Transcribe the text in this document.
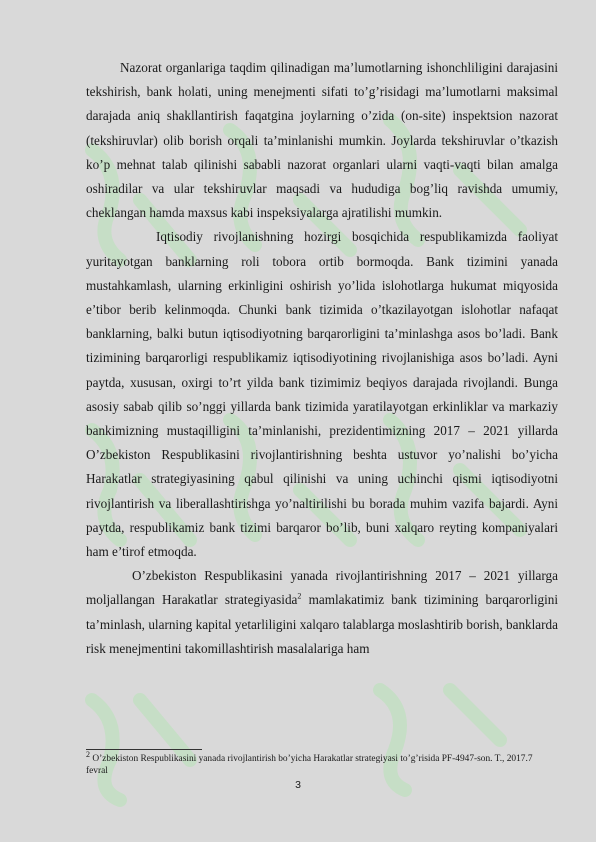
Nazorat organlariga taqdim qilinadigan ma’lumotlarning ishonchliligini darajasini tekshirish, bank holati, uning menejmenti sifati to’g’risidagi ma’lumotlarni maksimal darajada aniq shakllantirish faqatgina joylarning o’zida (on-site) inspektsion nazorat (tekshiruvlar) olib borish orqali ta’minlanishi mumkin. Joylarda tekshiruvlar o’tkazish ko’p mehnat talab qilinishi sababli nazorat organlari ularni vaqti-vaqti bilan amalga oshiradilar va ular tekshiruvlar maqsadi va hududiga bog’liq ravishda umumiy, cheklangan hamda maxsus kabi inspeksiyalarga ajratilishi mumkin.

Iqtisodiy rivojlanishning hozirgi bosqichida respublikamizda faoliyat yuritayotgan banklarning roli tobora ortib bormoqda. Bank tizimini yanada mustahkamlash, ularning erkinligini oshirish yo’lida islohotlarga hukumat miqyosida e’tibor berib kelinmoqda. Chunki bank tizimida o’tkazilayotgan islohotlar nafaqat banklarning, balki butun iqtisodiyotning barqarorligini ta’minlashga asos bo’ladi. Bank tizimining barqarorligi respublikamiz iqtisodiyotining rivojlanishiga asos bo’ladi. Ayni paytda, xususan, oxirgi to’rt yilda bank tizimimiz beqiyos darajada rivojlandi. Bunga asosiy sabab qilib so’nggi yillarda bank tizimida yaratilayotgan erkinliklar va markaziy bankimizning mustaqilligini ta’minlanishi, prezidentimizning 2017 – 2021 yillarda O’zbekiston Respublikasini rivojlantirishning beshta ustuvor yo’nalishi bo’yicha Harakatlar strategiyasining qabul qilinishi va uning uchinchi qismi iqtisodiyotni rivojlantirish va liberallashtirishga yo’naltirilishi bu borada muhim vazifa bajardi. Ayni paytda, respublikamiz bank tizimi barqaror bo’lib, buni xalqaro reyting kompaniyalari ham e’tirof etmoqda.

O’zbekiston Respublikasini yanada rivojlantirishning 2017 – 2021 yillarga moljallangan Harakatlar strategiyasida$^2$ mamlakatimiz bank tizimining barqarorligini ta’minlash, ularning kapital yetarliligini xalqaro talablarga moslashtirib borish, banklarda risk menejmentini takomillashtirish masalalariga ham

$^2$ O’zbekiston Respublikasini yanada rivojlantirish bo’yicha Harakatlar strategiyasi to’g’risida PF-4947-son. T., 2017.7 fevral
3
